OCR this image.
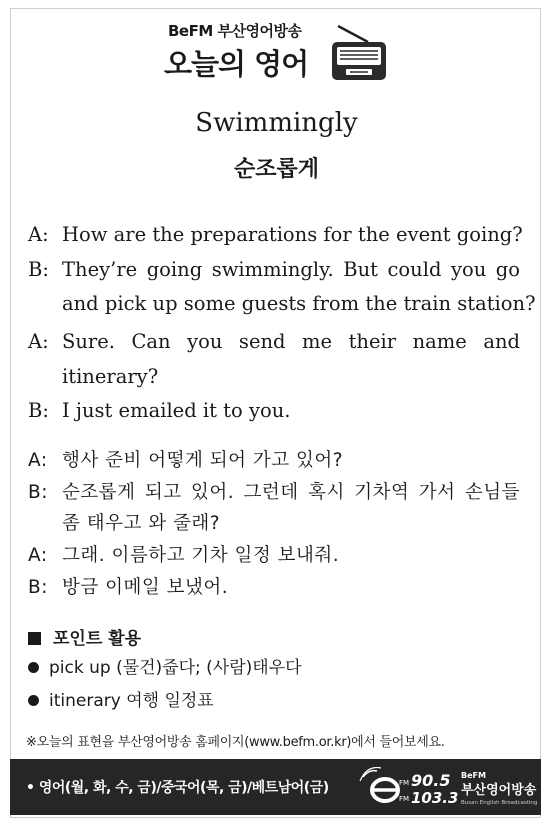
BeFM 부산영어방송
오늘의 영어
Swimmingly
순조롭게
A: How are the preparations for the event going?
B: They’re going swimmingly. But could you go
and pick up some guests from the train station?
A: Sure. Can you send me their name and
itinerary?
B: I just emailed it to you.
A: 행사 준비 어떻게 되어 가고 있어?
B: 순조롭게 되고 있어. 그런데 혹시 기차역 가서 손님들
좀 태우고 와 줄래?
A: 그래. 이름하고 기차 일정 보내줘.
B: 방금 이메일 보냈어.
포인트 활용
pick up (물건)줍다; (사람)태우다
itinerary 여행 일정표
※오늘의 표현을 부산영어방송 홈페이지(www.befm.or.kr)에서 들어보세요.
• 영어(월, 화, 수, 금)/중국어(목, 금)/베트남어(금)	FM 90.5
FM 103.3
BeFM
부산영어방송
Busan English Broadcasting
